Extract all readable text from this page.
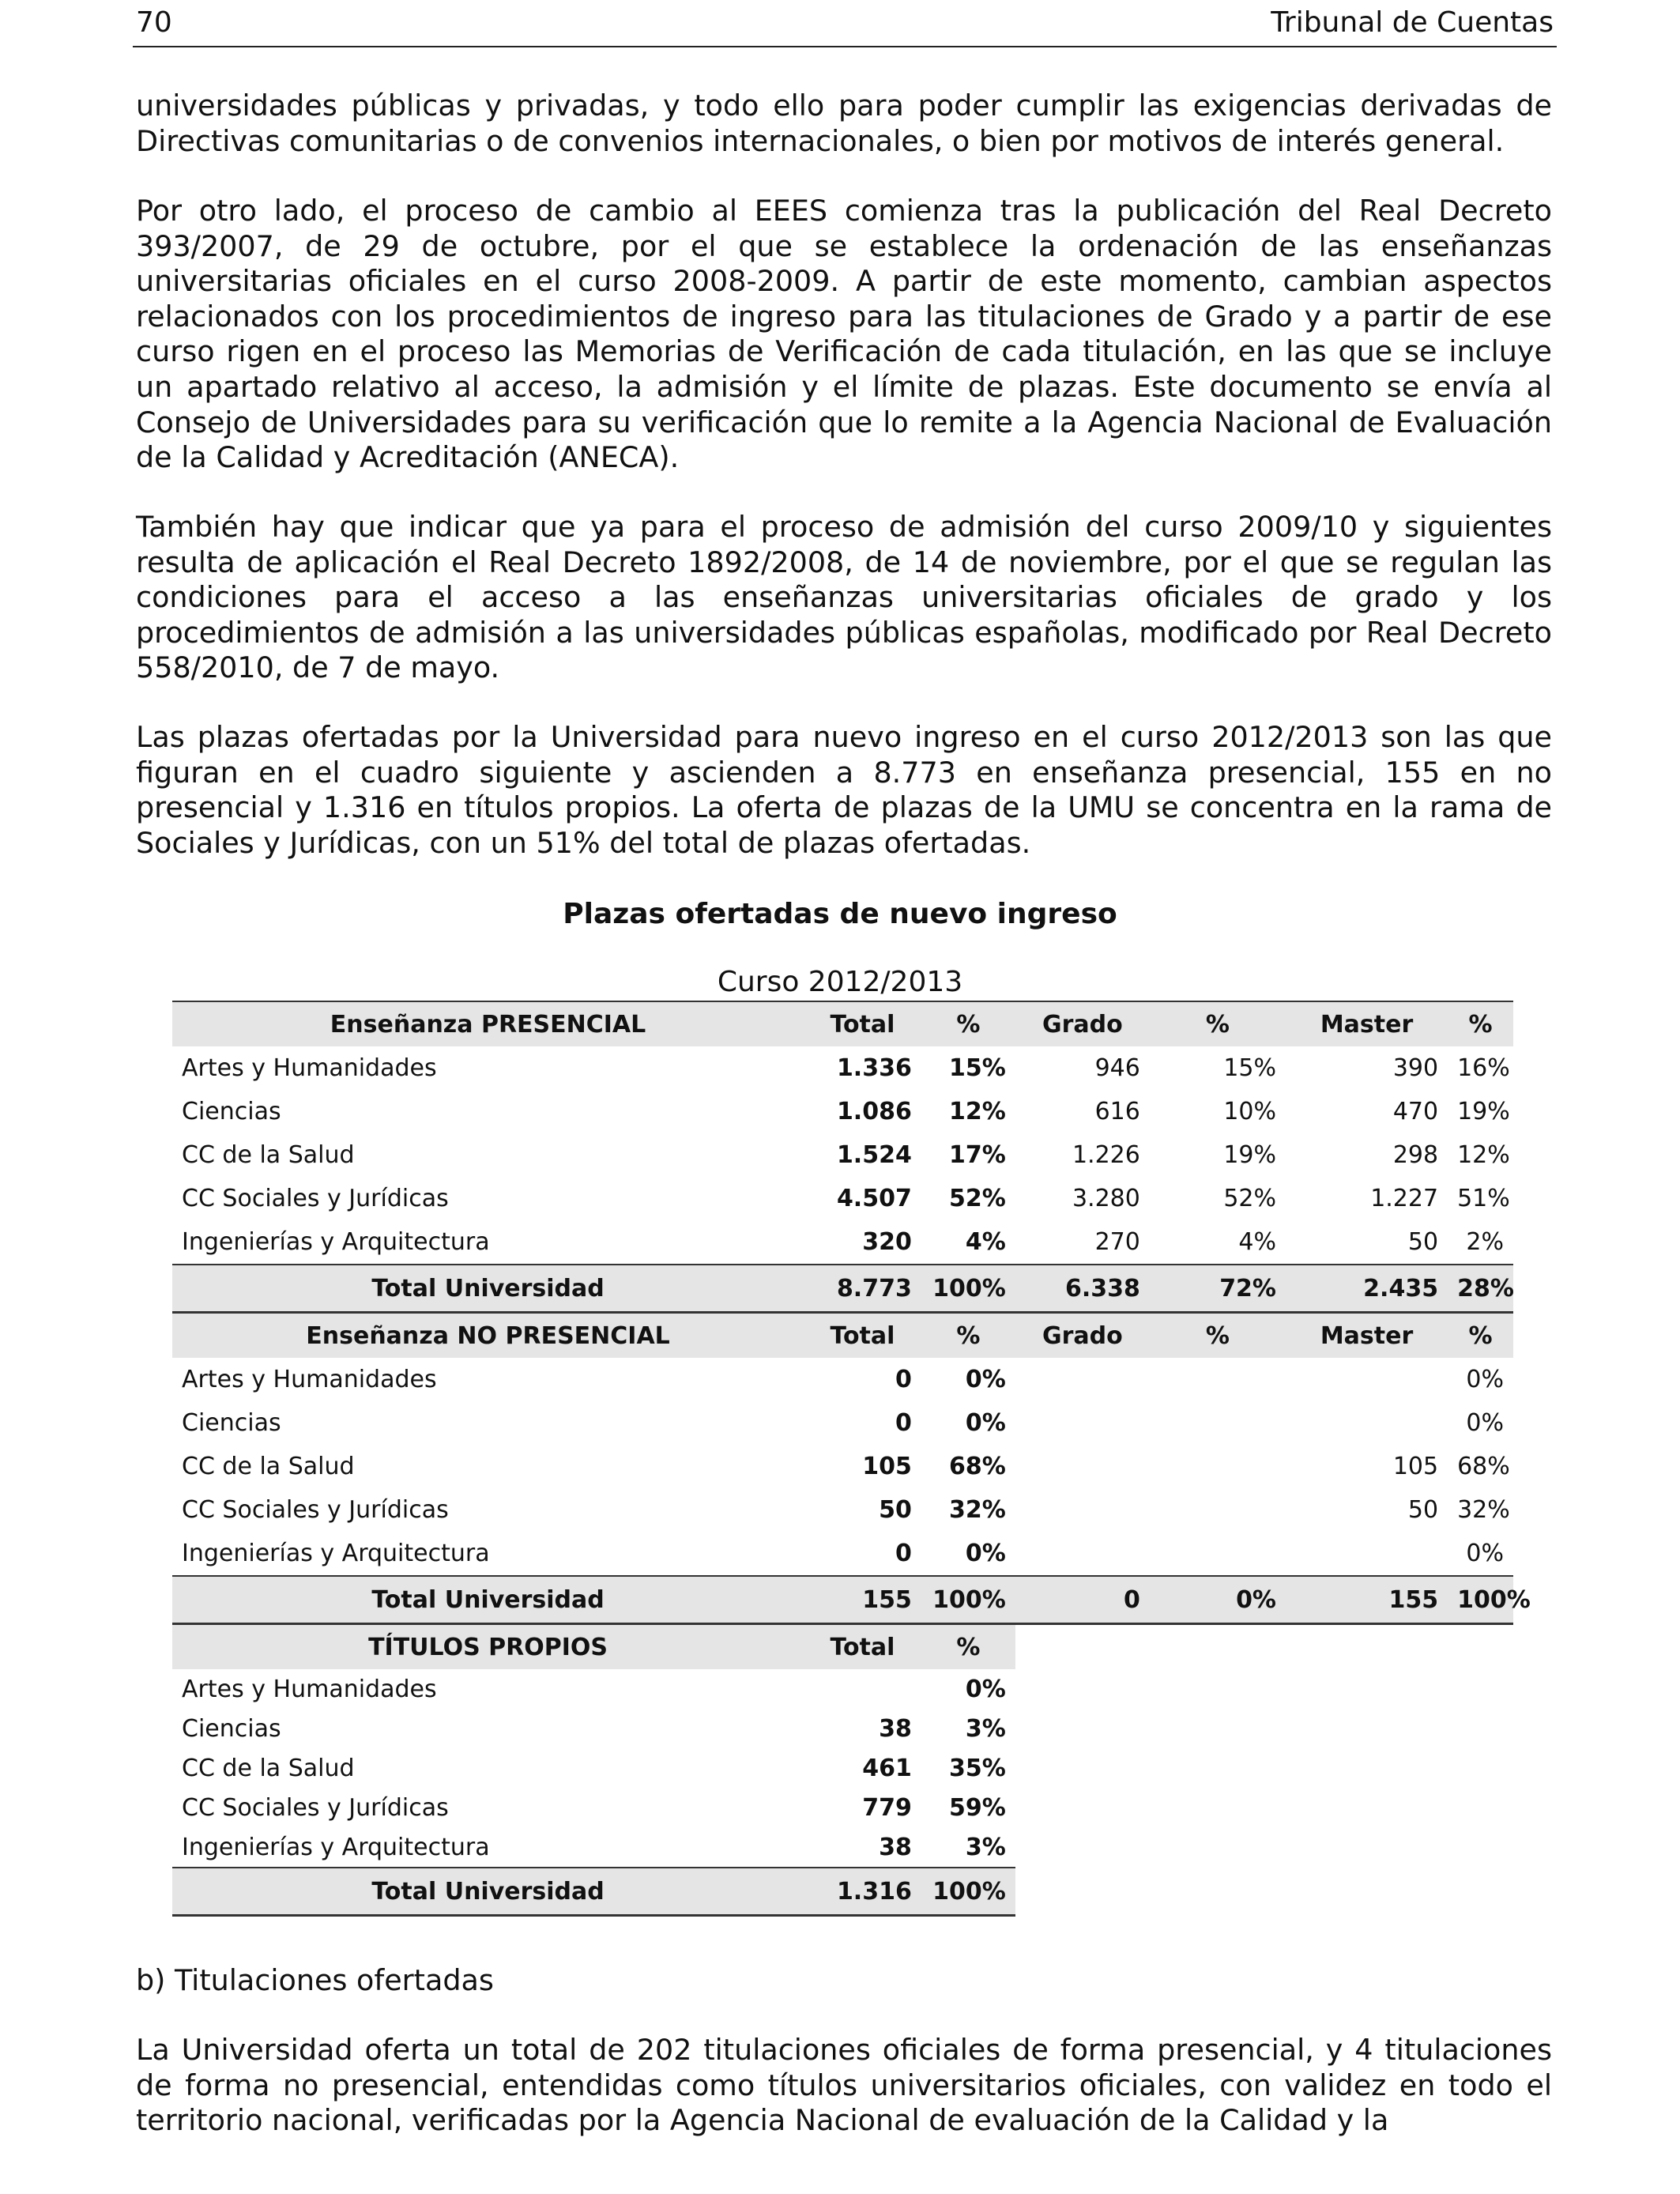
70	Tribunal de Cuentas

universidades públicas y privadas, y todo ello para poder cumplir las exigencias derivadas de Directivas comunitarias o de convenios internacionales, o bien por motivos de interés general.

Por otro lado, el proceso de cambio al EEES comienza tras la publicación del Real Decreto 393/2007, de 29 de octubre, por el que se establece la ordenación de las enseñanzas universitarias oficiales en el curso 2008-2009. A partir de este momento, cambian aspectos relacionados con los procedimientos de ingreso para las titulaciones de Grado y a partir de ese curso rigen en el proceso las Memorias de Verificación de cada titulación, en las que se incluye un apartado relativo al acceso, la admisión y el límite de plazas. Este documento se envía al Consejo de Universidades para su verificación que lo remite a la Agencia Nacional de Evaluación de la Calidad y Acreditación (ANECA).

También hay que indicar que ya para el proceso de admisión del curso 2009/10 y siguientes resulta de aplicación el Real Decreto 1892/2008, de 14 de noviembre, por el que se regulan las condiciones para el acceso a las enseñanzas universitarias oficiales de grado y los procedimientos de admisión a las universidades públicas españolas, modificado por Real Decreto 558/2010, de 7 de mayo.

Las plazas ofertadas por la Universidad para nuevo ingreso en el curso 2012/2013 son las que figuran en el cuadro siguiente y ascienden a 8.773 en enseñanza presencial, 155 en no presencial y 1.316 en títulos propios. La oferta de plazas de la UMU se concentra en la rama de Sociales y Jurídicas, con un 51% del total de plazas ofertadas.

Plazas ofertadas de nuevo ingreso
Curso 2012/2013
Enseñanza PRESENCIAL	Total	%	Grado	%	Master	%
Artes y Humanidades	1.336	15%	946	15%	390	16%
Ciencias	1.086	12%	616	10%	470	19%
CC de la Salud	1.524	17%	1.226	19%	298	12%
CC Sociales y Jurídicas	4.507	52%	3.280	52%	1.227	51%
Ingenierías y Arquitectura	320	4%	270	4%	50	2%
Total Universidad	8.773	100%	6.338	72%	2.435	28%
Enseñanza NO PRESENCIAL	Total	%	Grado	%	Master	%
Artes y Humanidades	0	0%				0%
Ciencias	0	0%				0%
CC de la Salud	105	68%			105	68%
CC Sociales y Jurídicas	50	32%			50	32%
Ingenierías y Arquitectura	0	0%				0%
Total Universidad	155	100%	0	0%	155	100%
TÍTULOS PROPIOS	Total	%				
Artes y Humanidades		0%				
Ciencias	38	3%				
CC de la Salud	461	35%				
CC Sociales y Jurídicas	779	59%				
Ingenierías y Arquitectura	38	3%				
Total Universidad	1.316	100%				
b) Titulaciones ofertadas

La Universidad oferta un total de 202 titulaciones oficiales de forma presencial, y 4 titulaciones de forma no presencial, entendidas como títulos universitarios oficiales, con validez en todo el territorio nacional, verificadas por la Agencia Nacional de evaluación de la Calidad y la
